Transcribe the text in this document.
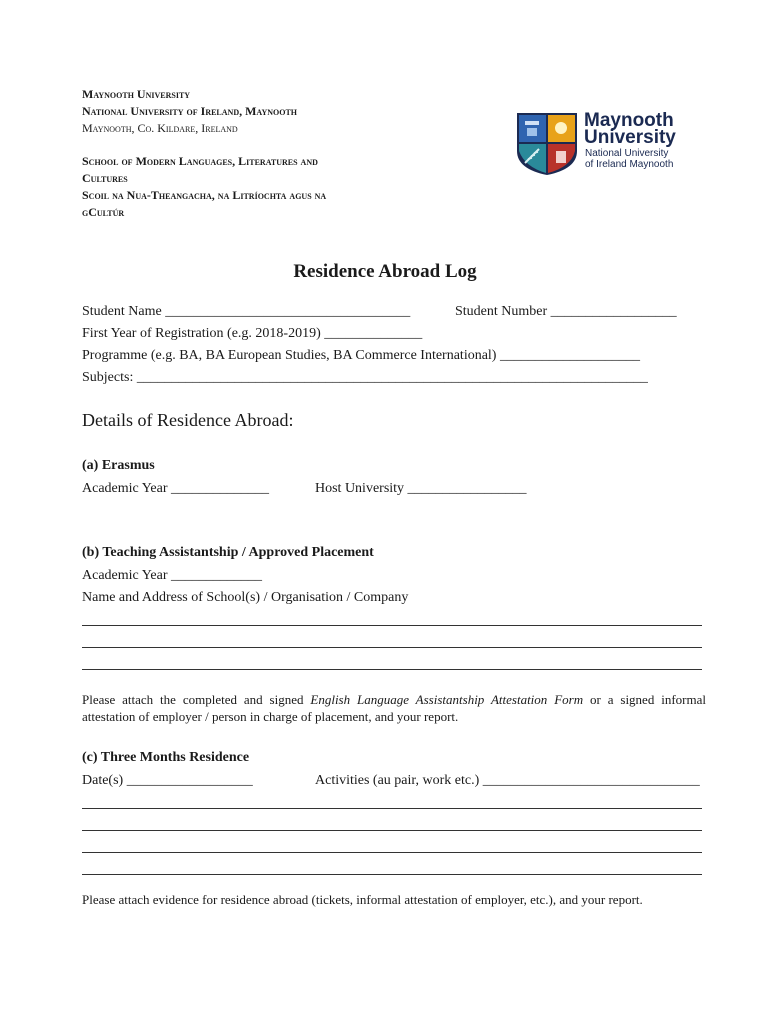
Maynooth University
National University of Ireland, Maynooth
Maynooth, Co. Kildare, Ireland
School of Modern Languages, Literatures and
Cultures
Scoil na Nua-Theangacha, na Litríochta agus na
gCultúr
Maynooth
University
National University
of Ireland Maynooth
Residence Abroad Log
Student Name ___________________________________	Student Number __________________
First Year of Registration (e.g. 2018-2019) ______________
Programme (e.g. BA, BA European Studies, BA Commerce International) ____________________
Subjects: _________________________________________________________________________
Details of Residence Abroad:
(a) Erasmus
Academic Year ______________	Host University _________________
(b) Teaching Assistantship / Approved Placement
Academic Year _____________
Name and Address of School(s) / Organisation / Company
Please attach the completed and signed English Language Assistantship Attestation Form or a signed informal attestation of employer / person in charge of placement, and your report.
(c) Three Months Residence
Date(s) __________________	Activities (au pair, work etc.) _______________________________
Please attach evidence for residence abroad (tickets, informal attestation of employer, etc.), and your report.
